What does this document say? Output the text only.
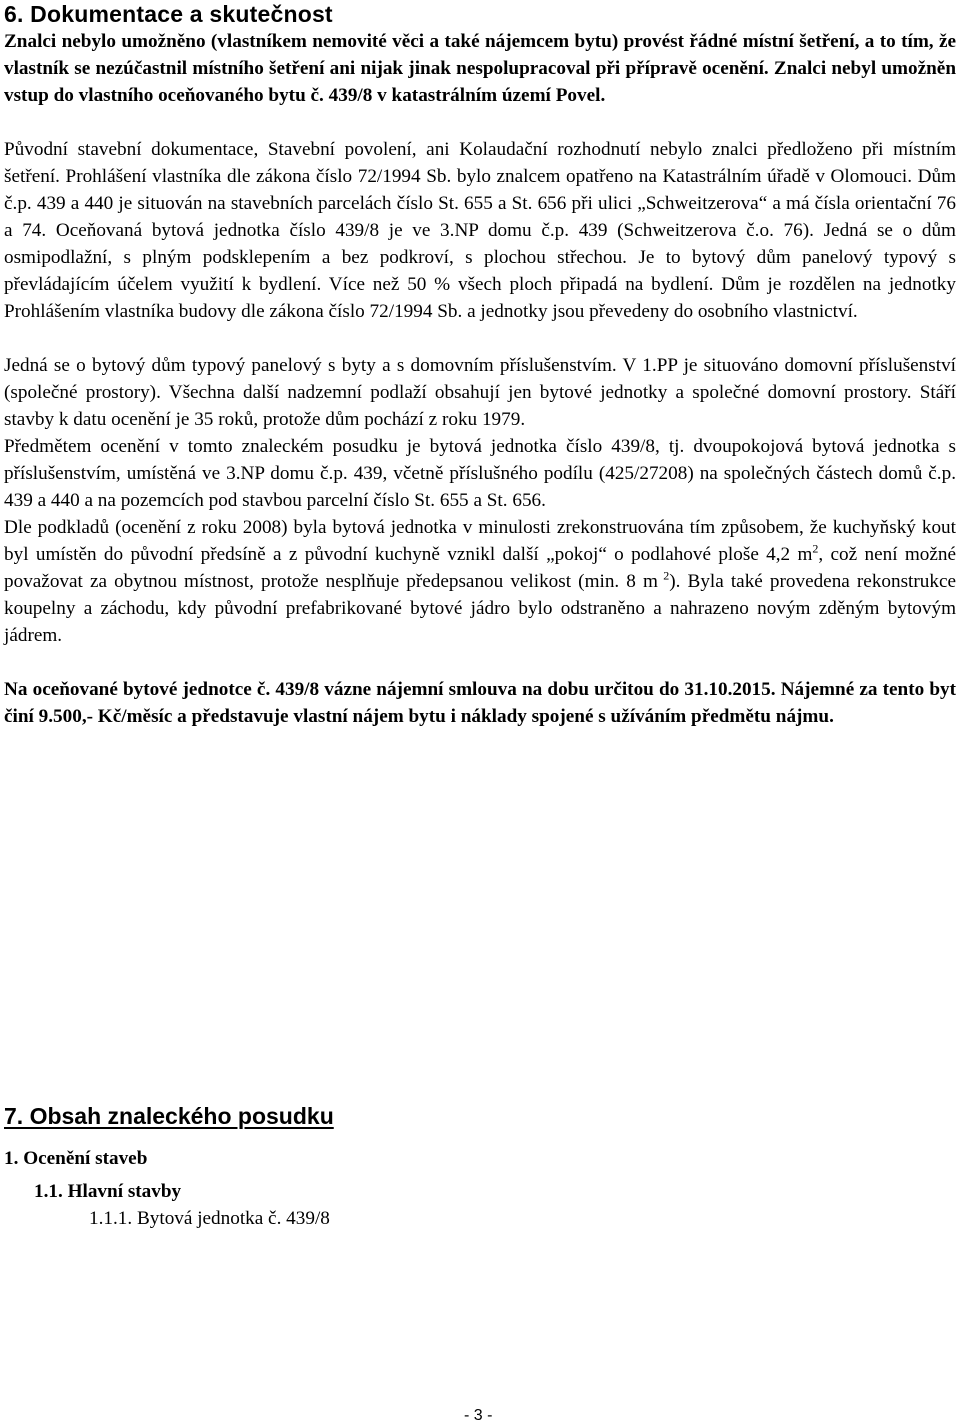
6. Dokumentace a skutečnost

Znalci nebylo umožněno (vlastníkem nemovité věci a také nájemcem bytu) provést řádné místní šetření, a to tím, že vlastník se nezúčastnil místního šetření ani nijak jinak nespolupracoval při přípravě ocenění. Znalci nebyl umožněn vstup do vlastního oceňovaného bytu č. 439/8 v katastrálním území Povel.

Původní stavební dokumentace, Stavební povolení, ani Kolaudační rozhodnutí nebylo znalci předloženo při místním šetření. Prohlášení vlastníka dle zákona číslo 72/1994 Sb. bylo znalcem opatřeno na Katastrálním úřadě v Olomouci. Dům č.p. 439 a 440 je situován na stavebních parcelách číslo St. 655 a St. 656 při ulici „Schweitzerova“ a má čísla orientační 76 a 74. Oceňovaná bytová jednotka číslo 439/8 je ve 3.NP domu č.p. 439 (Schweitzerova č.o. 76). Jedná se o dům osmipodlažní, s plným podsklepením a bez podkroví, s plochou střechou. Je to bytový dům panelový typový s převládajícím účelem využití k bydlení. Více než 50 % všech ploch připadá na bydlení. Dům je rozdělen na jednotky Prohlášením vlastníka budovy dle zákona číslo 72/1994 Sb. a jednotky jsou převedeny do osobního vlastnictví.

Jedná se o bytový dům typový panelový s byty a s domovním příslušenstvím. V 1.PP je situováno domovní příslušenství (společné prostory). Všechna další nadzemní podlaží obsahují jen bytové jednotky a společné domovní prostory. Stáří stavby k datu ocenění je 35 roků, protože dům pochází z roku 1979.

Předmětem ocenění v tomto znaleckém posudku je bytová jednotka číslo 439/8, tj. dvoupokojová bytová jednotka s příslušenstvím, umístěná ve 3.NP domu č.p. 439, včetně příslušného podílu (425/27208) na společných částech domů č.p. 439 a 440 a na pozemcích pod stavbou parcelní číslo St. 655 a St. 656.

Dle podkladů (ocenění z roku 2008) byla bytová jednotka v minulosti zrekonstruována tím způsobem, že kuchyňský kout byl umístěn do původní předsíně a z původní kuchyně vznikl další „pokoj“ o podlahové ploše 4,2 $m^2$, což není možné považovat za obytnou místnost, protože nesplňuje předepsanou velikost (min. 8 m $^2$). Byla také provedena rekonstrukce koupelny a záchodu, kdy původní prefabrikované bytové jádro bylo odstraněno a nahrazeno novým zděným bytovým jádrem.

Na oceňované bytové jednotce č. 439/8 vázne nájemní smlouva na dobu určitou do 31.10.2015. Nájemné za tento byt činí 9.500,- Kč/měsíc a představuje vlastní nájem bytu i náklady spojené s užíváním předmětu nájmu.

7. Obsah znaleckého posudku

1. Ocenění staveb

1.1. Hlavní stavby

1.1.1. Bytová jednotka č. 439/8

- 3 -
